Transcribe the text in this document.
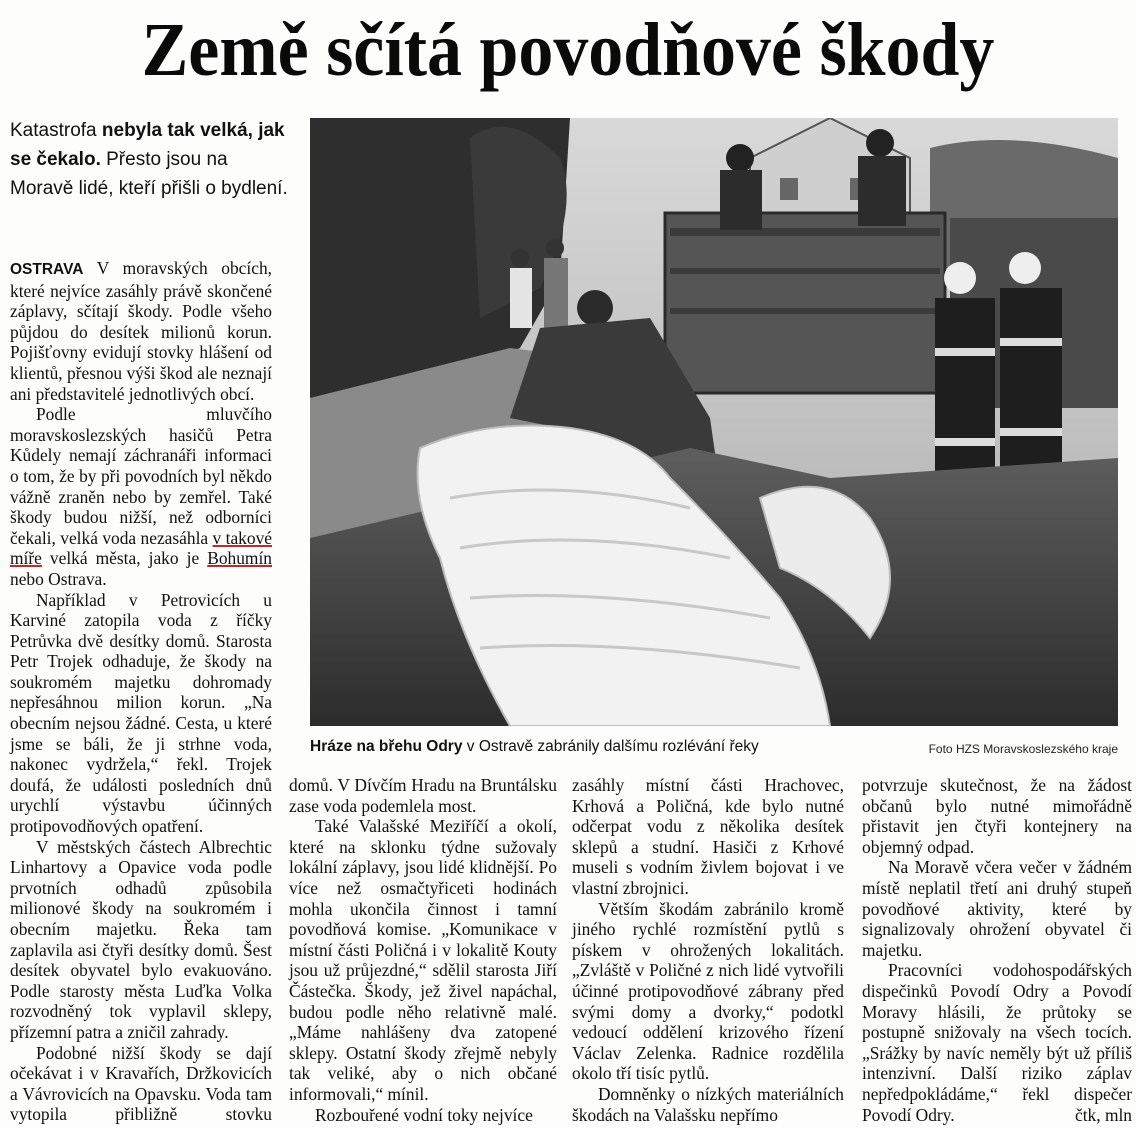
Země sčítá povodňové škody
Katastrofa nebyla tak velká, jak se čekalo. Přesto jsou na Moravě lidé, kteří přišli o bydlení.
Hráze na břehu Odry v Ostravě zabránily dalšímu rozlévání řeky	Foto HZS Moravskoslezského kraje

OSTRAVA V moravských obcích, které nejvíce zasáhly právě skončené záplavy, sčítají škody. Podle všeho půjdou do desítek milionů korun. Pojišťovny evidují stovky hlášení od klientů, přesnou výši škod ale neznají ani představitelé jednotlivých obcí.

Podle mluvčího moravskoslezských hasičů Petra Kůdely nemají záchranáři informaci o tom, že by při povodních byl někdo vážně zraněn nebo by zemřel. Také škody budou nižší, než odborníci čekali, velká voda nezasáhla v takové míře velká města, jako je Bohumín nebo Ostrava.

Například v Petrovicích u Karviné zatopila voda z říčky Petrůvka dvě desítky domů. Starosta Petr Trojek odhaduje, že škody na soukromém majetku dohromady nepřesáhnou milion korun. „Na obecním nejsou žádné. Cesta, u které jsme se báli, že ji strhne voda, nakonec vydržela,“ řekl. Trojek doufá, že události posledních dnů urychlí výstavbu účinných protipovodňových opatření.

V městských částech Albrechtic Linhartovy a Opavice voda podle prvotních odhadů způsobila milionové škody na soukromém i obecním majetku. Řeka tam zaplavila asi čtyři desítky domů. Šest desítek obyvatel bylo evakuováno. Podle starosty města Luďka Volka rozvodněný tok vyplavil sklepy, přízemní patra a zničil zahrady.

Podobné nižší škody se dají očekávat i v Kravařích, Držkovicích a Vávrovicích na Opavsku. Voda tam vytopila přibližně stovku

domů. V Dívčím Hradu na Bruntálsku zase voda podemlela most.

Také Valašské Meziříčí a okolí, které na sklonku týdne sužovaly lokální záplavy, jsou lidé klidnější. Po více než osmačtyřiceti hodinách mohla ukončila činnost i tamní povodňová komise. „Komunikace v místní části Poličná i v lokalitě Kouty jsou už průjezdné,“ sdělil starosta Jiří Částečka. Škody, jež živel napáchal, budou podle něho relativně malé. „Máme nahlášeny dva zatopené sklepy. Ostatní škody zřejmě nebyly tak veliké, aby o nich občané informovali,“ mínil.

Rozbouřené vodní toky nejvíce

zasáhly místní části Hrachovec, Krhová a Poličná, kde bylo nutné odčerpat vodu z několika desítek sklepů a studní. Hasiči z Krhové museli s vodním živlem bojovat i ve vlastní zbrojnici.

Větším škodám zabránilo kromě jiného rychlé rozmístění pytlů s pískem v ohrožených lokalitách. „Zvláště v Poličné z nich lidé vytvořili účinné protipovodňové zábrany před svými domy a dvorky,“ podotkl vedoucí oddělení krizového řízení Václav Zelenka. Radnice rozdělila okolo tří tisíc pytlů.

Domněnky o nízkých materiálních škodách na Valašsku nepřímo

potvrzuje skutečnost, že na žádost občanů bylo nutné mimořádně přistavit jen čtyři kontejnery na objemný odpad.

Na Moravě včera večer v žádném místě neplatil třetí ani druhý stupeň povodňové aktivity, které by signalizovaly ohrožení obyvatel či majetku.

Pracovníci vodohospodářských dispečinků Povodí Odry a Povodí Moravy hlásili, že průtoky se postupně snižovaly na všech tocích. „Srážky by navíc neměly být už příliš intenzivní. Další riziko záplav nepředpokládáme,“ řekl dispečer Povodí Odry.	čtk, mln
